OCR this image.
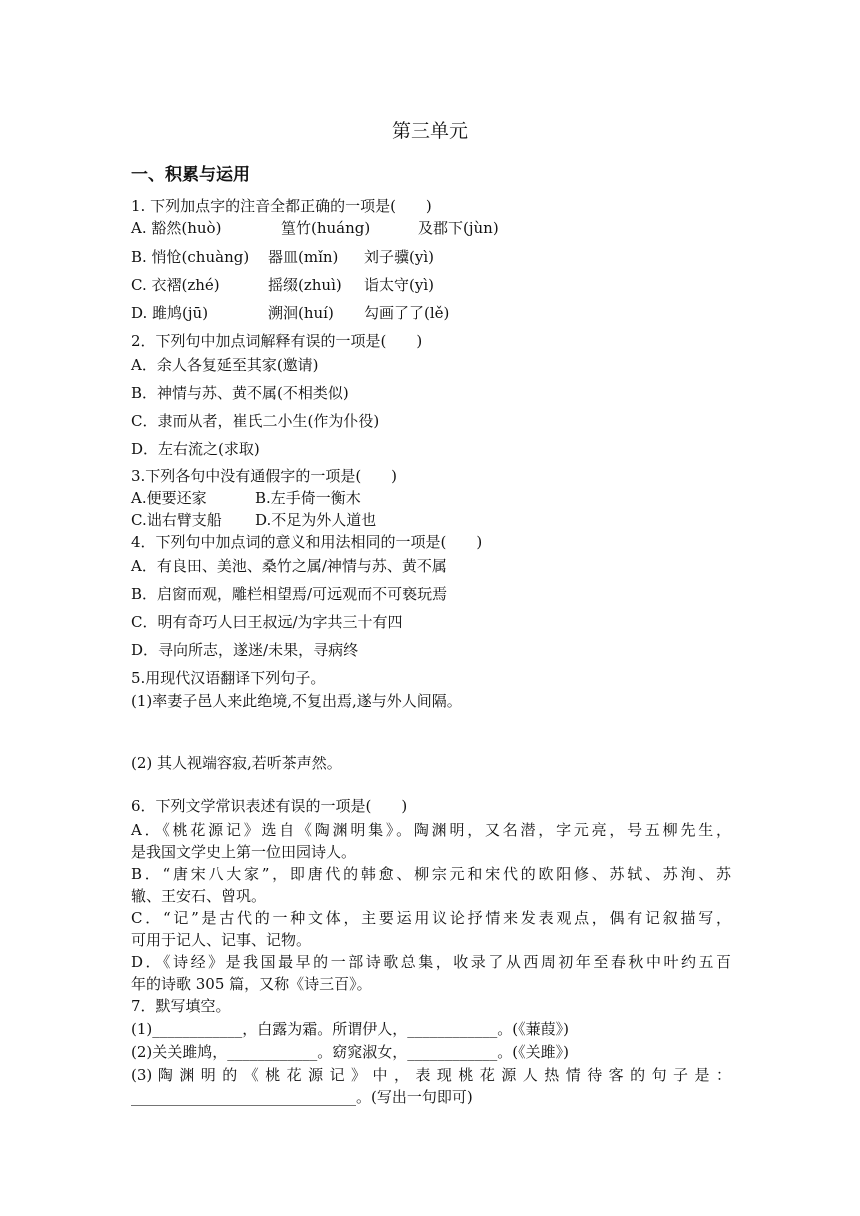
第三单元
一、积累与运用
1. 下列加点字的注音全都正确的一项是(　　)
A. 豁然(huò)	篁竹(huáng)	及郡下(jùn)
B. 悄怆(chuàng) 器皿(mǐn) 刘子骥(yì)
C. 衣褶(zhé)	摇缀(zhuì) 诣太守(yì)
D. 雎鸠(jū)	溯洄(huí) 勾画了了(lě)
2．下列句中加点词解释有误的一项是(　　)
A．余人各复延至其家(邀请)
B．神情与苏、黄不属(不相类似)
C．隶而从者，崔氏二小生(作为仆役)
D．左右流之(求取)
3.下列各句中没有通假字的一项是(　　)
A.便要还家	B.左手倚一衡木
C.诎右臂支船 D.不足为外人道也
4．下列句中加点词的意义和用法相同的一项是(　　)
A．有良田、美池、桑竹之属/神情与苏、黄不属
B．启窗而观，雕栏相望焉/可远观而不可亵玩焉
C．明有奇巧人曰王叔远/为字共三十有四
D．寻向所志，遂迷/未果，寻病终
5.用现代汉语翻译下列句子。
(1)率妻子邑人来此绝境,不复出焉,遂与外人间隔。
(2) 其人视端容寂,若听茶声然。
6．下列文学常识表述有误的一项是(　　)
A．《桃花源记》选自《陶渊明集》。陶渊明，又名潜，字元亮，号五柳先生，
是我国文学史上第一位田园诗人。
B．“唐宋八大家”，即唐代的韩愈、柳宗元和宋代的欧阳修、苏轼、苏洵、苏
辙、王安石、曾巩。
C．“记”是古代的一种文体，主要运用议论抒情来发表观点，偶有记叙描写，
可用于记人、记事、记物。
D．《诗经》是我国最早的一部诗歌总集，收录了从西周初年至春秋中叶约五百
年的诗歌 305 篇，又称《诗三百》。
7．默写填空。
(1)____________，白露为霜。所谓伊人，____________。(《蒹葭》)
(2)关关雎鸠，____________。窈窕淑女，____________。(《关雎》)
(3) 陶 渊 明 的 《 桃 花 源 记 》 中 ， 表 现 桃 花 源 人 热 情 待 客 的 句 子 是 ：
______________________________。(写出一句即可)
